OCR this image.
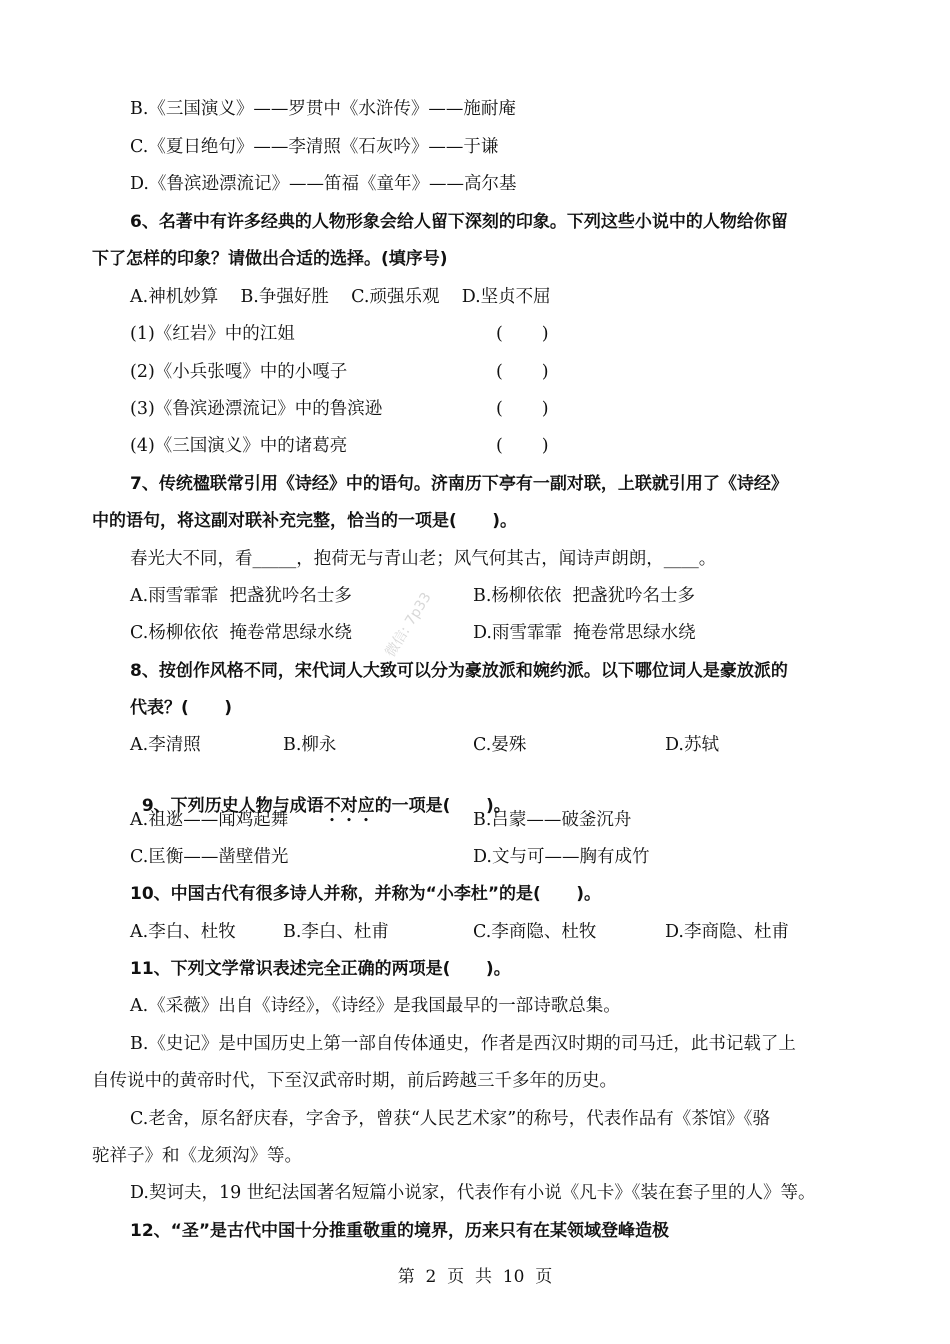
微信: 7p33
B.《三国演义》——罗贯中《水浒传》——施耐庵
C.《夏日绝句》——李清照《石灰吟》——于谦
D.《鲁滨逊漂流记》——笛福《童年》——高尔基
6、名著中有许多经典的人物形象会给人留下深刻的印象。下列这些小说中的人物给你留
下了怎样的印象？请做出合适的选择。(填序号)
A.神机妙算    B.争强好胜    C.顽强乐观    D.坚贞不屈
(1)《红岩》中的江姐	(       )
(2)《小兵张嘎》中的小嘎子	(       )
(3)《鲁滨逊漂流记》中的鲁滨逊	(       )
(4)《三国演义》中的诸葛亮	(       )
7、传统楹联常引用《诗经》中的语句。济南历下亭有一副对联，上联就引用了《诗经》
中的语句，将这副对联补充完整，恰当的一项是(      )。
春光大不同，看_____，抱荷无与青山老；风气何其古，闻诗声朗朗，____。
A.雨雪霏霏  把盏犹吟名士多	B.杨柳依依  把盏犹吟名士多
C.杨柳依依  掩卷常思绿水绕	D.雨雪霏霏  掩卷常思绿水绕
8、按创作风格不同，宋代词人大致可以分为豪放派和婉约派。以下哪位词人是豪放派的
代表？(      )
A.李清照	B.柳永	C.晏殊	D.苏轼

9、下列历史人物与成语不对应的一项是(      )。

A.祖逖——闻鸡起舞	B.吕蒙——破釜沉舟
C.匡衡——凿壁借光	D.文与可——胸有成竹
10、中国古代有很多诗人并称，并称为“小李杜”的是(      )。
A.李白、杜牧	B.李白、杜甫	C.李商隐、杜牧	D.李商隐、杜甫
11、下列文学常识表述完全正确的两项是(      )。
A.《采薇》出自《诗经》，《诗经》是我国最早的一部诗歌总集。
B.《史记》是中国历史上第一部自传体通史，作者是西汉时期的司马迁，此书记载了上
自传说中的黄帝时代，下至汉武帝时期，前后跨越三千多年的历史。
C.老舍，原名舒庆春，字舍予，曾获“人民艺术家”的称号，代表作品有《茶馆》《骆
驼祥子》和《龙须沟》等。
D.契诃夫，19 世纪法国著名短篇小说家，代表作有小说《凡卡》《装在套子里的人》等。
12、“圣”是古代中国十分推重敬重的境界，历来只有在某领域登峰造极
第  2  页  共  10  页
